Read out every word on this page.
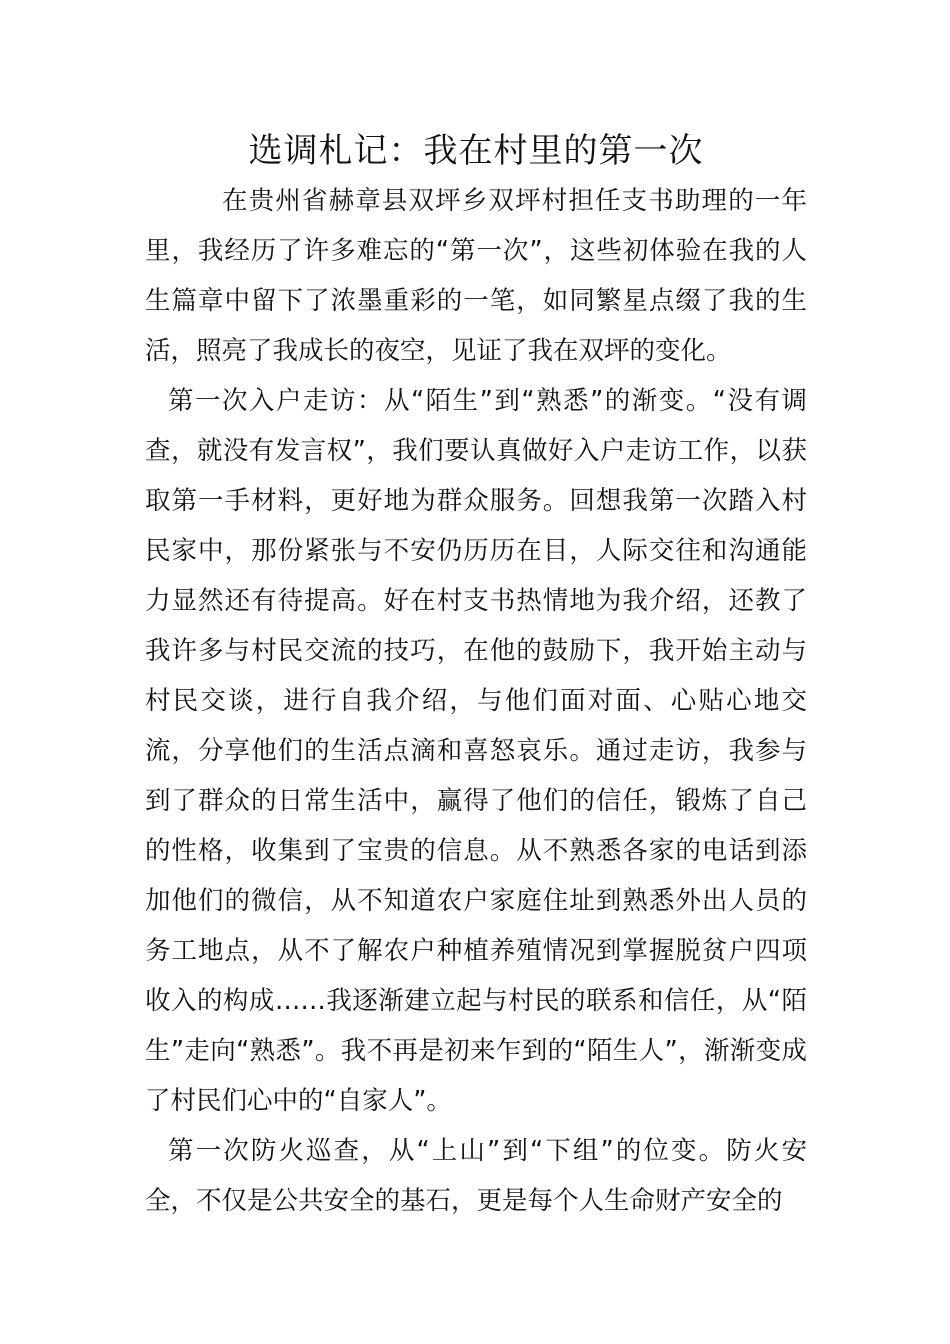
选调札记：我在村里的第一次

在贵州省赫章县双坪乡双坪村担任支书助理的一年里，我经历了许多难忘的“第一次”，这些初体验在我的人生篇章中留下了浓墨重彩的一笔，如同繁星点缀了我的生活，照亮了我成长的夜空，见证了我在双坪的变化。

第一次入户走访：从“陌生”到“熟悉”的渐变。“没有调查，就没有发言权”，我们要认真做好入户走访工作，以获取第一手材料，更好地为群众服务。回想我第一次踏入村民家中，那份紧张与不安仍历历在目，人际交往和沟通能力显然还有待提高。好在村支书热情地为我介绍，还教了我许多与村民交流的技巧，在他的鼓励下，我开始主动与村民交谈，进行自我介绍，与他们面对面、心贴心地交流，分享他们的生活点滴和喜怒哀乐。通过走访，我参与到了群众的日常生活中，赢得了他们的信任，锻炼了自己的性格，收集到了宝贵的信息。从不熟悉各家的电话到添加他们的微信，从不知道农户家庭住址到熟悉外出人员的务工地点，从不了解农户种植养殖情况到掌握脱贫户四项收入的构成……我逐渐建立起与村民的联系和信任，从“陌生”走向“熟悉”。我不再是初来乍到的“陌生人”，渐渐变成了村民们心中的“自家人”。

第一次防火巡查，从“上山”到“下组”的位变。防火安全，不仅是公共安全的基石，更是每个人生命财产安全的
